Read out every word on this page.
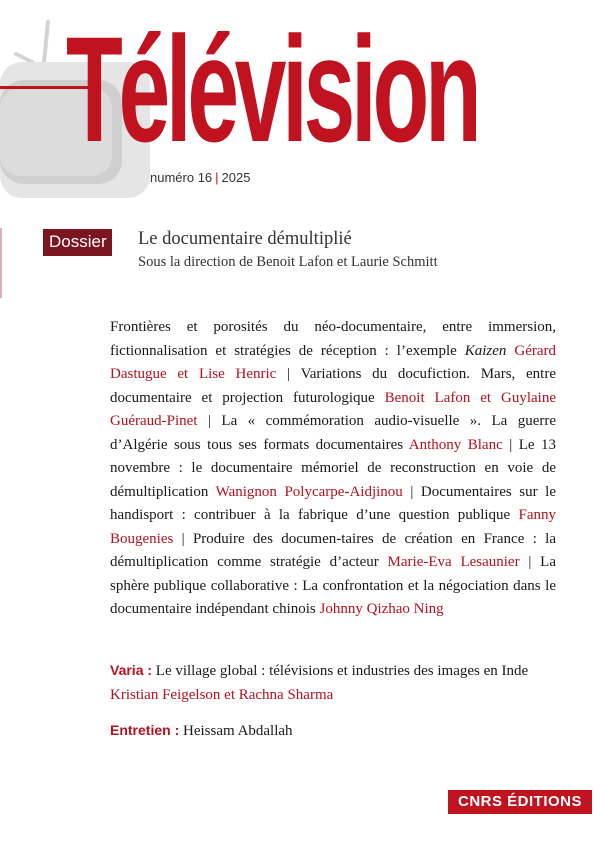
Télévision
numéro 16 | 2025
Dossier Le documentaire démultiplié
Sous la direction de Benoit Lafon et Laurie Schmitt

Frontières et porosités du néo-documentaire, entre immersion, fictionnalisation et stratégies de réception : l’exemple Kaizen Gérard Dastugue et Lise Henric | Variations du docufiction. Mars, entre documentaire et projection futurologique Benoit Lafon et Guylaine Guéraud-Pinet | La « commémoration audio-visuelle ». La guerre d’Algérie sous tous ses formats documentaires Anthony Blanc | Le 13 novembre : le documentaire mémoriel de reconstruction en voie de démultiplication Wanignon Polycarpe-Aidjinou | Documentaires sur le handisport : contribuer à la fabrique d’une question publique Fanny Bougenies | Produire des documen-taires de création en France : la démultiplication comme stratégie d’acteur Marie-Eva Lesaunier | La sphère publique collaborative : La confrontation et la négociation dans le documentaire indépendant chinois Johnny Qizhao Ning

Varia : Le village global : télévisions et industries des images en Inde
Kristian Feigelson et Rachna Sharma
Entretien : Heissam Abdallah
CNRS ÉDITIONS
